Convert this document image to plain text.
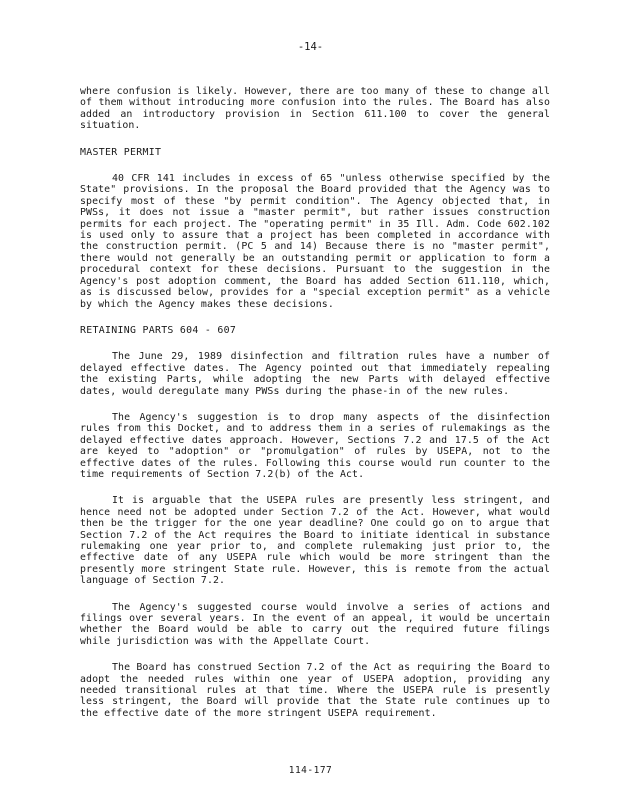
-14-

where confusion is likely. However, there are too many of these to change all of them without introducing more confusion into the rules. The Board has also added an introductory provision in Section 611.100 to cover the general situation.

MASTER PERMIT

40 CFR 141 includes in excess of 65 "unless otherwise specified by the State" provisions. In the proposal the Board provided that the Agency was to specify most of these "by permit condition". The Agency objected that, in PWSs, it does not issue a "master permit", but rather issues construction permits for each project. The "operating permit" in 35 Ill. Adm. Code 602.102 is used only to assure that a project has been completed in accordance with the construction permit. (PC 5 and 14) Because there is no "master permit", there would not generally be an outstanding permit or application to form a procedural context for these decisions. Pursuant to the suggestion in the Agency's post adoption comment, the Board has added Section 611.110, which, as is discussed below, provides for a "special exception permit" as a vehicle by which the Agency makes these decisions.

RETAINING PARTS 604 - 607

The June 29, 1989 disinfection and filtration rules have a number of delayed effective dates. The Agency pointed out that immediately repealing the existing Parts, while adopting the new Parts with delayed effective dates, would deregulate many PWSs during the phase-in of the new rules.

The Agency's suggestion is to drop many aspects of the disinfection rules from this Docket, and to address them in a series of rulemakings as the delayed effective dates approach. However, Sections 7.2 and 17.5 of the Act are keyed to "adoption" or "promulgation" of rules by USEPA, not to the effective dates of the rules. Following this course would run counter to the time requirements of Section 7.2(b) of the Act.

It is arguable that the USEPA rules are presently less stringent, and hence need not be adopted under Section 7.2 of the Act. However, what would then be the trigger for the one year deadline? One could go on to argue that Section 7.2 of the Act requires the Board to initiate identical in substance rulemaking one year prior to, and complete rulemaking just prior to, the effective date of any USEPA rule which would be more stringent than the presently more stringent State rule. However, this is remote from the actual language of Section 7.2.

The Agency's suggested course would involve a series of actions and filings over several years. In the event of an appeal, it would be uncertain whether the Board would be able to carry out the required future filings while jurisdiction was with the Appellate Court.

The Board has construed Section 7.2 of the Act as requiring the Board to adopt the needed rules within one year of USEPA adoption, providing any needed transitional rules at that time. Where the USEPA rule is presently less stringent, the Board will provide that the State rule continues up to the effective date of the more stringent USEPA requirement.

114-177
